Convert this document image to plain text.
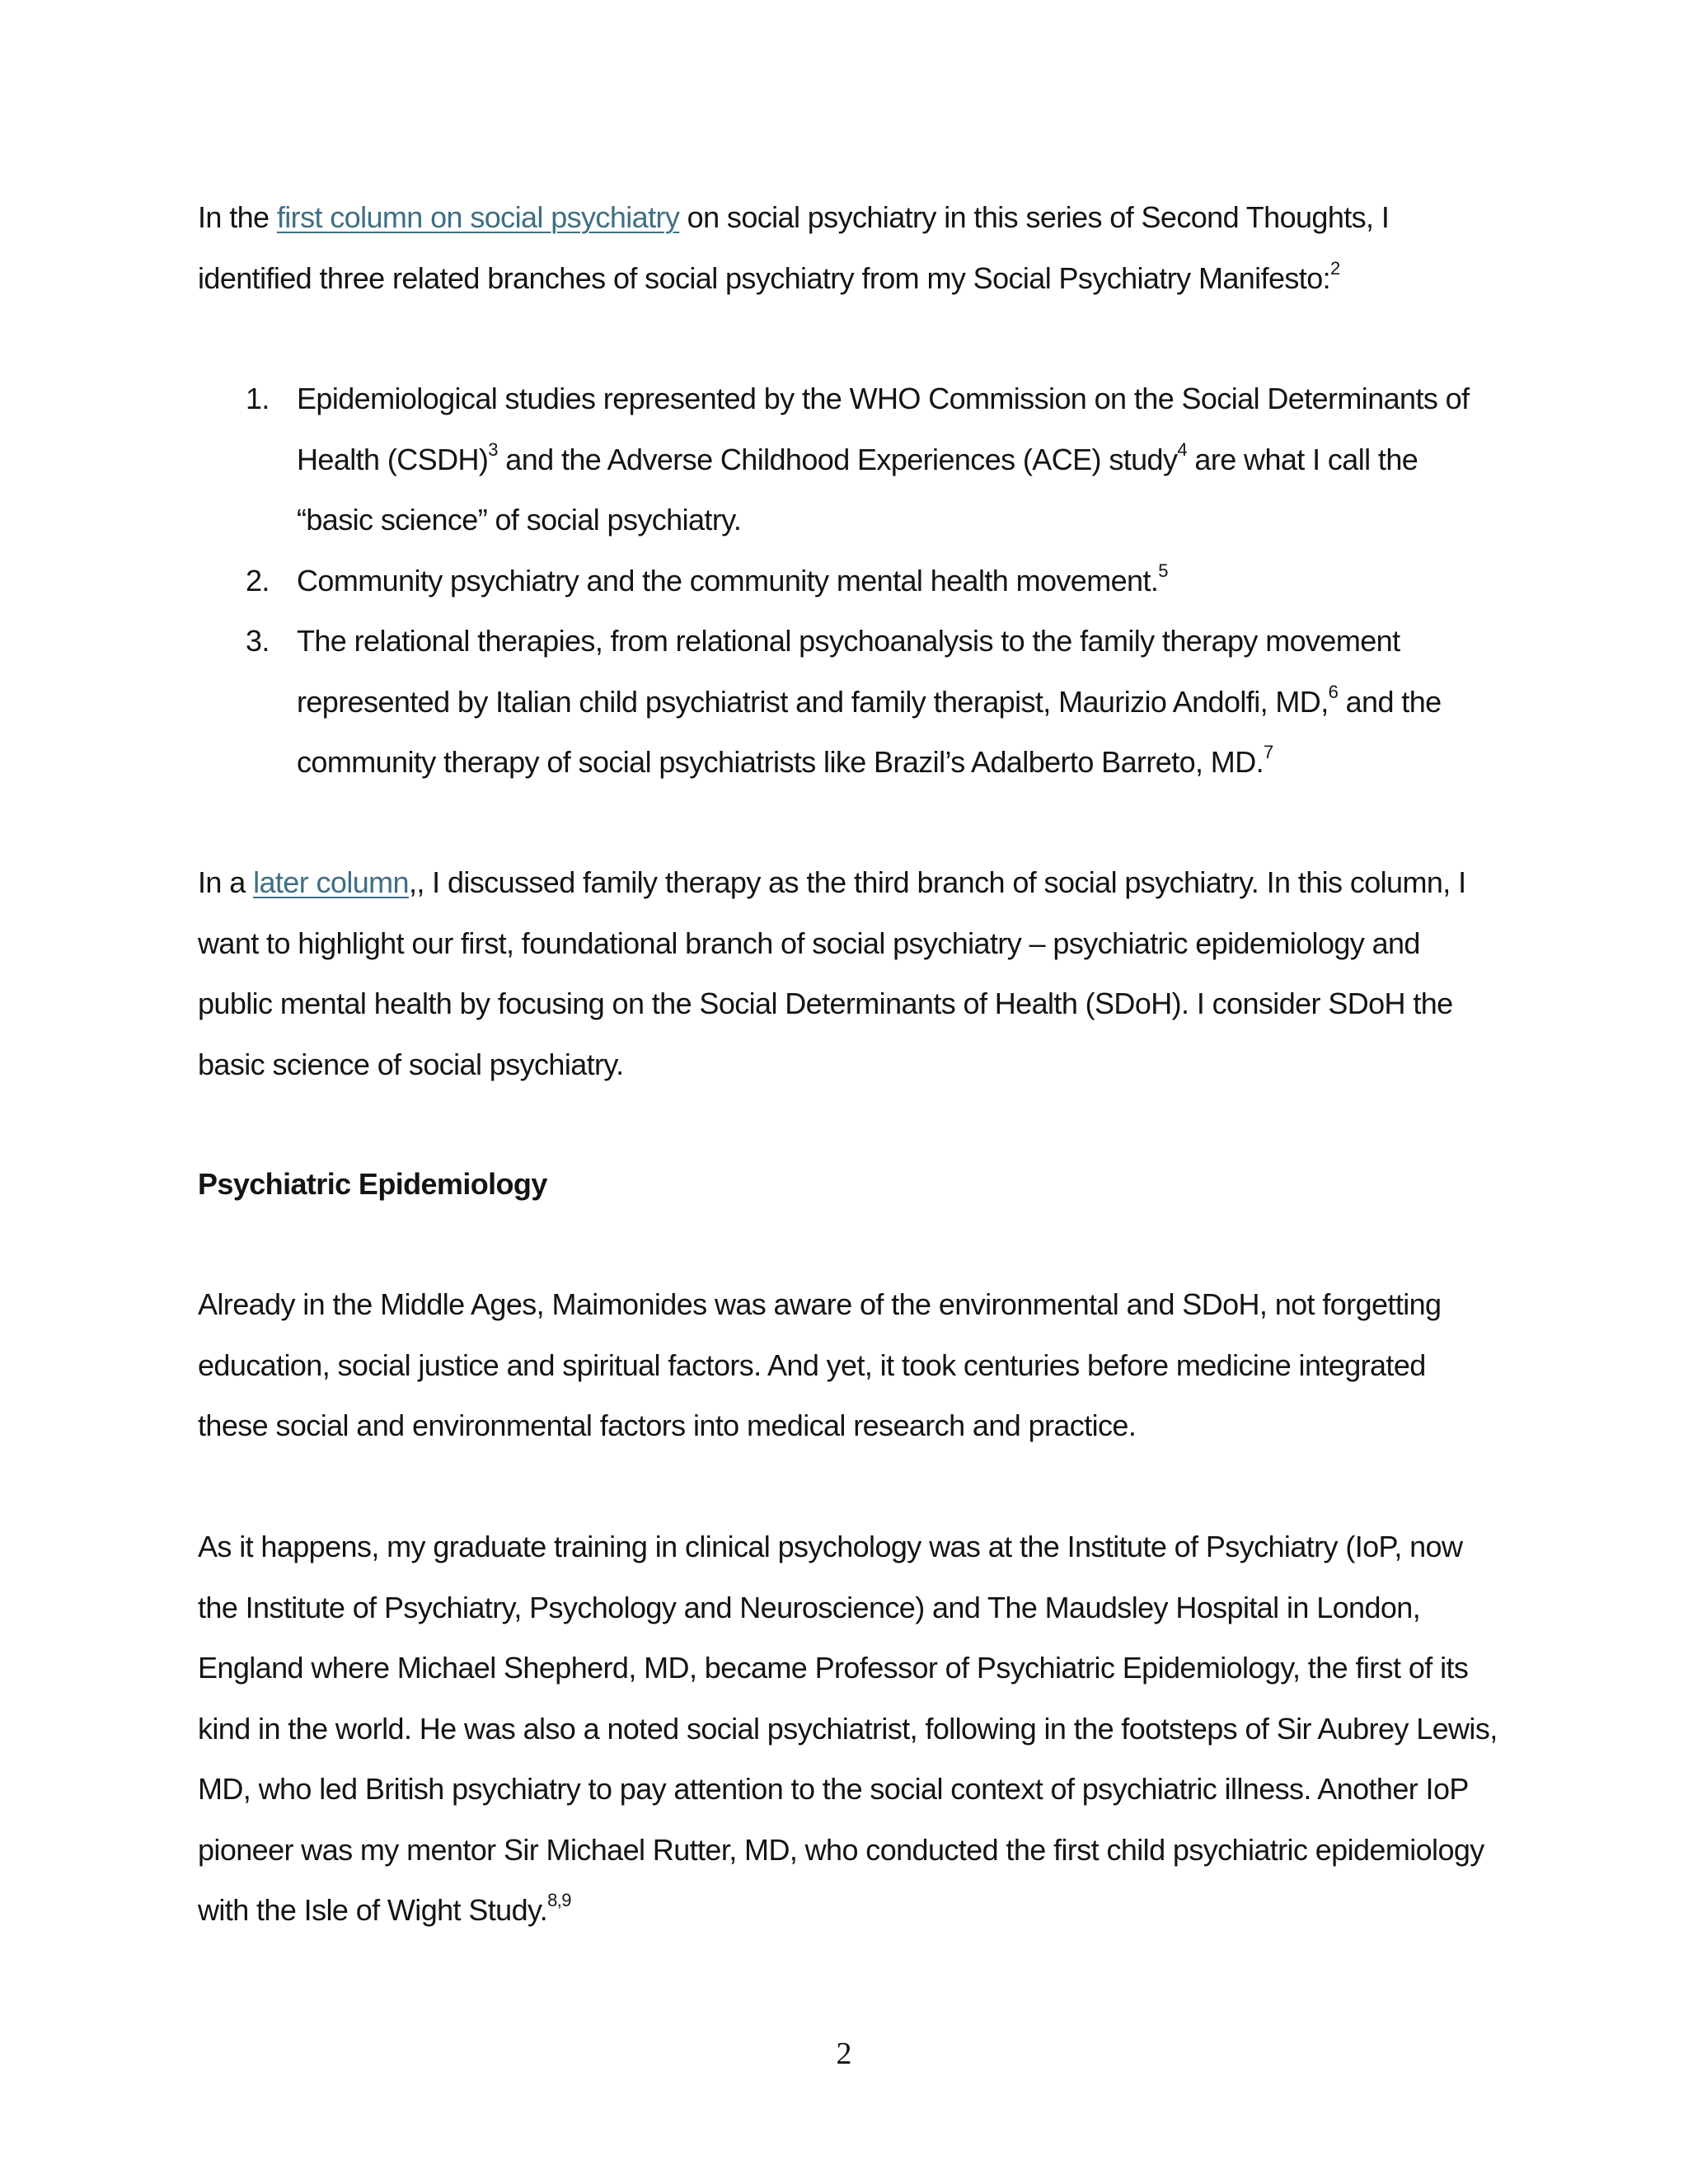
In the first column on social psychiatry on social psychiatry in this series of Second Thoughts, I identified three related branches of social psychiatry from my Social Psychiatry Manifesto:$^2$
1. Epidemiological studies represented by the WHO Commission on the Social Determinants of Health (CSDH)$^3$ and the Adverse Childhood Experiences (ACE) study$^4$ are what I call the “basic science” of social psychiatry.
2. Community psychiatry and the community mental health movement.$^5$
3. The relational therapies, from relational psychoanalysis to the family therapy movement represented by Italian child psychiatrist and family therapist, Maurizio Andolfi, MD,$^6$ and the community therapy of social psychiatrists like Brazil’s Adalberto Barreto, MD.$^7$
In a later column,, I discussed family therapy as the third branch of social psychiatry. In this column, I want to highlight our first, foundational branch of social psychiatry – psychiatric epidemiology and public mental health by focusing on the Social Determinants of Health (SDoH). I consider SDoH the basic science of social psychiatry.
Psychiatric Epidemiology
Already in the Middle Ages, Maimonides was aware of the environmental and SDoH, not forgetting education, social justice and spiritual factors. And yet, it took centuries before medicine integrated these social and environmental factors into medical research and practice.
As it happens, my graduate training in clinical psychology was at the Institute of Psychiatry (IoP, now the Institute of Psychiatry, Psychology and Neuroscience) and The Maudsley Hospital in London, England where Michael Shepherd, MD, became Professor of Psychiatric Epidemiology, the first of its kind in the world. He was also a noted social psychiatrist, following in the footsteps of Sir Aubrey Lewis, MD, who led British psychiatry to pay attention to the social context of psychiatric illness. Another IoP pioneer was my mentor Sir Michael Rutter, MD, who conducted the first child psychiatric epidemiology with the Isle of Wight Study.$^{8,9}$
2
